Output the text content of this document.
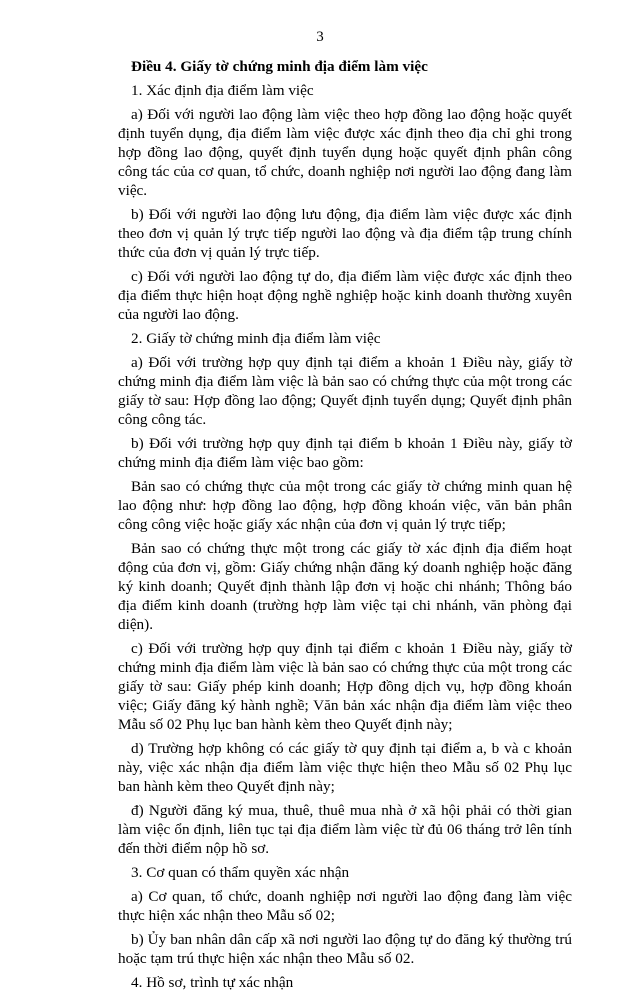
3
Điều 4. Giấy tờ chứng minh địa điểm làm việc

1. Xác định địa điểm làm việc

a) Đối với người lao động làm việc theo hợp đồng lao động hoặc quyết định tuyển dụng, địa điểm làm việc được xác định theo địa chỉ ghi trong hợp đồng lao động, quyết định tuyển dụng hoặc quyết định phân công công tác của cơ quan, tổ chức, doanh nghiệp nơi người lao động đang làm việc.

b) Đối với người lao động lưu động, địa điểm làm việc được xác định theo đơn vị quản lý trực tiếp người lao động và địa điểm tập trung chính thức của đơn vị quản lý trực tiếp.

c) Đối với người lao động tự do, địa điểm làm việc được xác định theo địa điểm thực hiện hoạt động nghề nghiệp hoặc kinh doanh thường xuyên của người lao động.

2. Giấy tờ chứng minh địa điểm làm việc

a) Đối với trường hợp quy định tại điểm a khoản 1 Điều này, giấy tờ chứng minh địa điểm làm việc là bản sao có chứng thực của một trong các giấy tờ sau: Hợp đồng lao động; Quyết định tuyển dụng; Quyết định phân công công tác.

b) Đối với trường hợp quy định tại điểm b khoản 1 Điều này, giấy tờ chứng minh địa điểm làm việc bao gồm:

Bản sao có chứng thực của một trong các giấy tờ chứng minh quan hệ lao động như: hợp đồng lao động, hợp đồng khoán việc, văn bản phân công công việc hoặc giấy xác nhận của đơn vị quản lý trực tiếp;

Bản sao có chứng thực một trong các giấy tờ xác định địa điểm hoạt động của đơn vị, gồm: Giấy chứng nhận đăng ký doanh nghiệp hoặc đăng ký kinh doanh; Quyết định thành lập đơn vị hoặc chi nhánh; Thông báo địa điểm kinh doanh (trường hợp làm việc tại chi nhánh, văn phòng đại diện).

c) Đối với trường hợp quy định tại điểm c khoản 1 Điều này, giấy tờ chứng minh địa điểm làm việc là bản sao có chứng thực của một trong các giấy tờ sau: Giấy phép kinh doanh; Hợp đồng dịch vụ, hợp đồng khoán việc; Giấy đăng ký hành nghề; Văn bản xác nhận địa điểm làm việc theo Mẫu số 02 Phụ lục ban hành kèm theo Quyết định này;

d) Trường hợp không có các giấy tờ quy định tại điểm a, b và c khoản này, việc xác nhận địa điểm làm việc thực hiện theo Mẫu số 02 Phụ lục ban hành kèm theo Quyết định này;

đ) Người đăng ký mua, thuê, thuê mua nhà ở xã hội phải có thời gian làm việc ổn định, liên tục tại địa điểm làm việc từ đủ 06 tháng trở lên tính đến thời điểm nộp hồ sơ.

3. Cơ quan có thẩm quyền xác nhận

a) Cơ quan, tổ chức, doanh nghiệp nơi người lao động đang làm việc thực hiện xác nhận theo Mẫu số 02;

b) Ủy ban nhân dân cấp xã nơi người lao động tự do đăng ký thường trú hoặc tạm trú thực hiện xác nhận theo Mẫu số 02.

4. Hồ sơ, trình tự xác nhận
